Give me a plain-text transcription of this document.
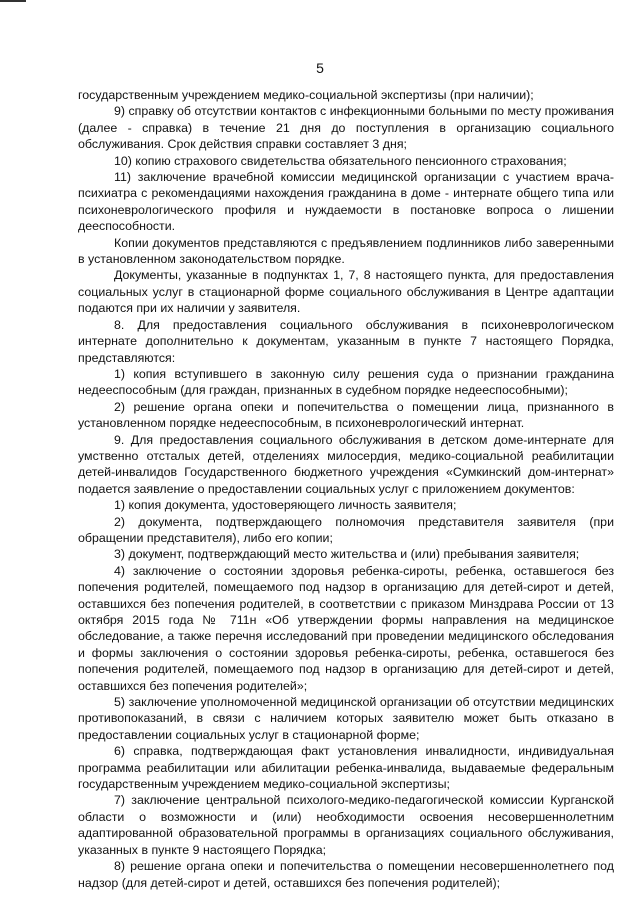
5

государственным учреждением медико-социальной экспертизы (при наличии);

9) справку об отсутствии контактов с инфекционными больными по месту проживания (далее - справка) в течение 21 дня до поступления в организацию социального обслуживания. Срок действия справки составляет 3 дня;

10) копию страхового свидетельства обязательного пенсионного страхования;

11) заключение врачебной комиссии медицинской организации с участием врача-психиатра с рекомендациями нахождения гражданина в доме - интернате общего типа или психоневрологического профиля и нуждаемости в постановке вопроса о лишении дееспособности.

Копии документов представляются с предъявлением подлинников либо заверенными в установленном законодательством порядке.

Документы, указанные в подпунктах 1, 7, 8 настоящего пункта, для предоставления социальных услуг в стационарной форме социального обслуживания в Центре адаптации подаются при их наличии у заявителя.

8. Для предоставления социального обслуживания в психоневрологическом интернате дополнительно к документам, указанным в пункте 7 настоящего Порядка, представляются:

1) копия вступившего в законную силу решения суда о признании гражданина недееспособным (для граждан, признанных в судебном порядке недееспособными);

2) решение органа опеки и попечительства о помещении лица, признанного в установленном порядке недееспособным, в психоневрологический интернат.

9. Для предоставления социального обслуживания в детском доме-интернате для умственно отсталых детей, отделениях милосердия, медико-социальной реабилитации детей-инвалидов Государственного бюджетного учреждения «Сумкинский дом-интернат» подается заявление о предоставлении социальных услуг с приложением документов:

1) копия документа, удостоверяющего личность заявителя;

2) документа, подтверждающего полномочия представителя заявителя (при обращении представителя), либо его копии;

3) документ, подтверждающий место жительства и (или) пребывания заявителя;

4) заключение о состоянии здоровья ребенка-сироты, ребенка, оставшегося без попечения родителей, помещаемого под надзор в организацию для детей-сирот и детей, оставшихся без попечения родителей, в соответствии с приказом Минздрава России от 13 октября 2015 года № 711н «Об утверждении формы направления на медицинское обследование, а также перечня исследований при проведении медицинского обследования и формы заключения о состоянии здоровья ребенка-сироты, ребенка, оставшегося без попечения родителей, помещаемого под надзор в организацию для детей-сирот и детей, оставшихся без попечения родителей»;

5) заключение уполномоченной медицинской организации об отсутствии медицинских противопоказаний, в связи с наличием которых заявителю может быть отказано в предоставлении социальных услуг в стационарной форме;

6) справка, подтверждающая факт установления инвалидности, индивидуальная программа реабилитации или абилитации ребенка-инвалида, выдаваемые федеральным государственным учреждением медико-социальной экспертизы;

7) заключение центральной психолого-медико-педагогической комиссии Курганской области о возможности и (или) необходимости освоения несовершеннолетним адаптированной образовательной программы в организациях социального обслуживания, указанных в пункте 9 настоящего Порядка;

8) решение органа опеки и попечительства о помещении несовершеннолетнего под надзор (для детей-сирот и детей, оставшихся без попечения родителей);
